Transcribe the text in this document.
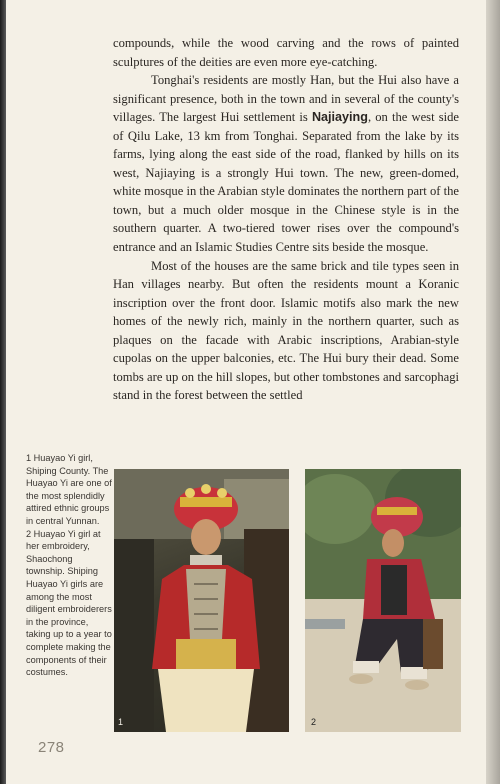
compounds, while the wood carving and the rows of painted sculptures of the deities are even more eye-catching.

Tonghai's residents are mostly Han, but the Hui also have a significant presence, both in the town and in several of the county's villages. The largest Hui settlement is Najiaying, on the west side of Qilu Lake, 13 km from Tonghai. Separated from the lake by its farms, lying along the east side of the road, flanked by hills on its west, Najiaying is a strongly Hui town. The new, green-domed, white mosque in the Arabian style dominates the northern part of the town, but a much older mosque in the Chinese style is in the southern quarter. A two-tiered tower rises over the compound's entrance and an Islamic Studies Centre sits beside the mosque.

Most of the houses are the same brick and tile types seen in Han villages nearby. But often the residents mount a Koranic inscription over the front door. Islamic motifs also mark the new homes of the newly rich, mainly in the northern quarter, such as plaques on the facade with Arabic inscriptions, Arabian-style cupolas on the upper balconies, etc. The Hui bury their dead. Some tombs are up on the hill slopes, but other tombstones and sarcophagi stand in the forest between the settled

1 Huayao Yi girl, Shiping County. The Huayao Yi are one of the most splendidly attired ethnic groups in central Yunnan.

2 Huayao Yi girl at her embroidery, Shaochong township. Shiping Huayao Yi girls are among the most diligent embroiderers in the province, taking up to a year to complete making the components of their costumes.

1	2
278
